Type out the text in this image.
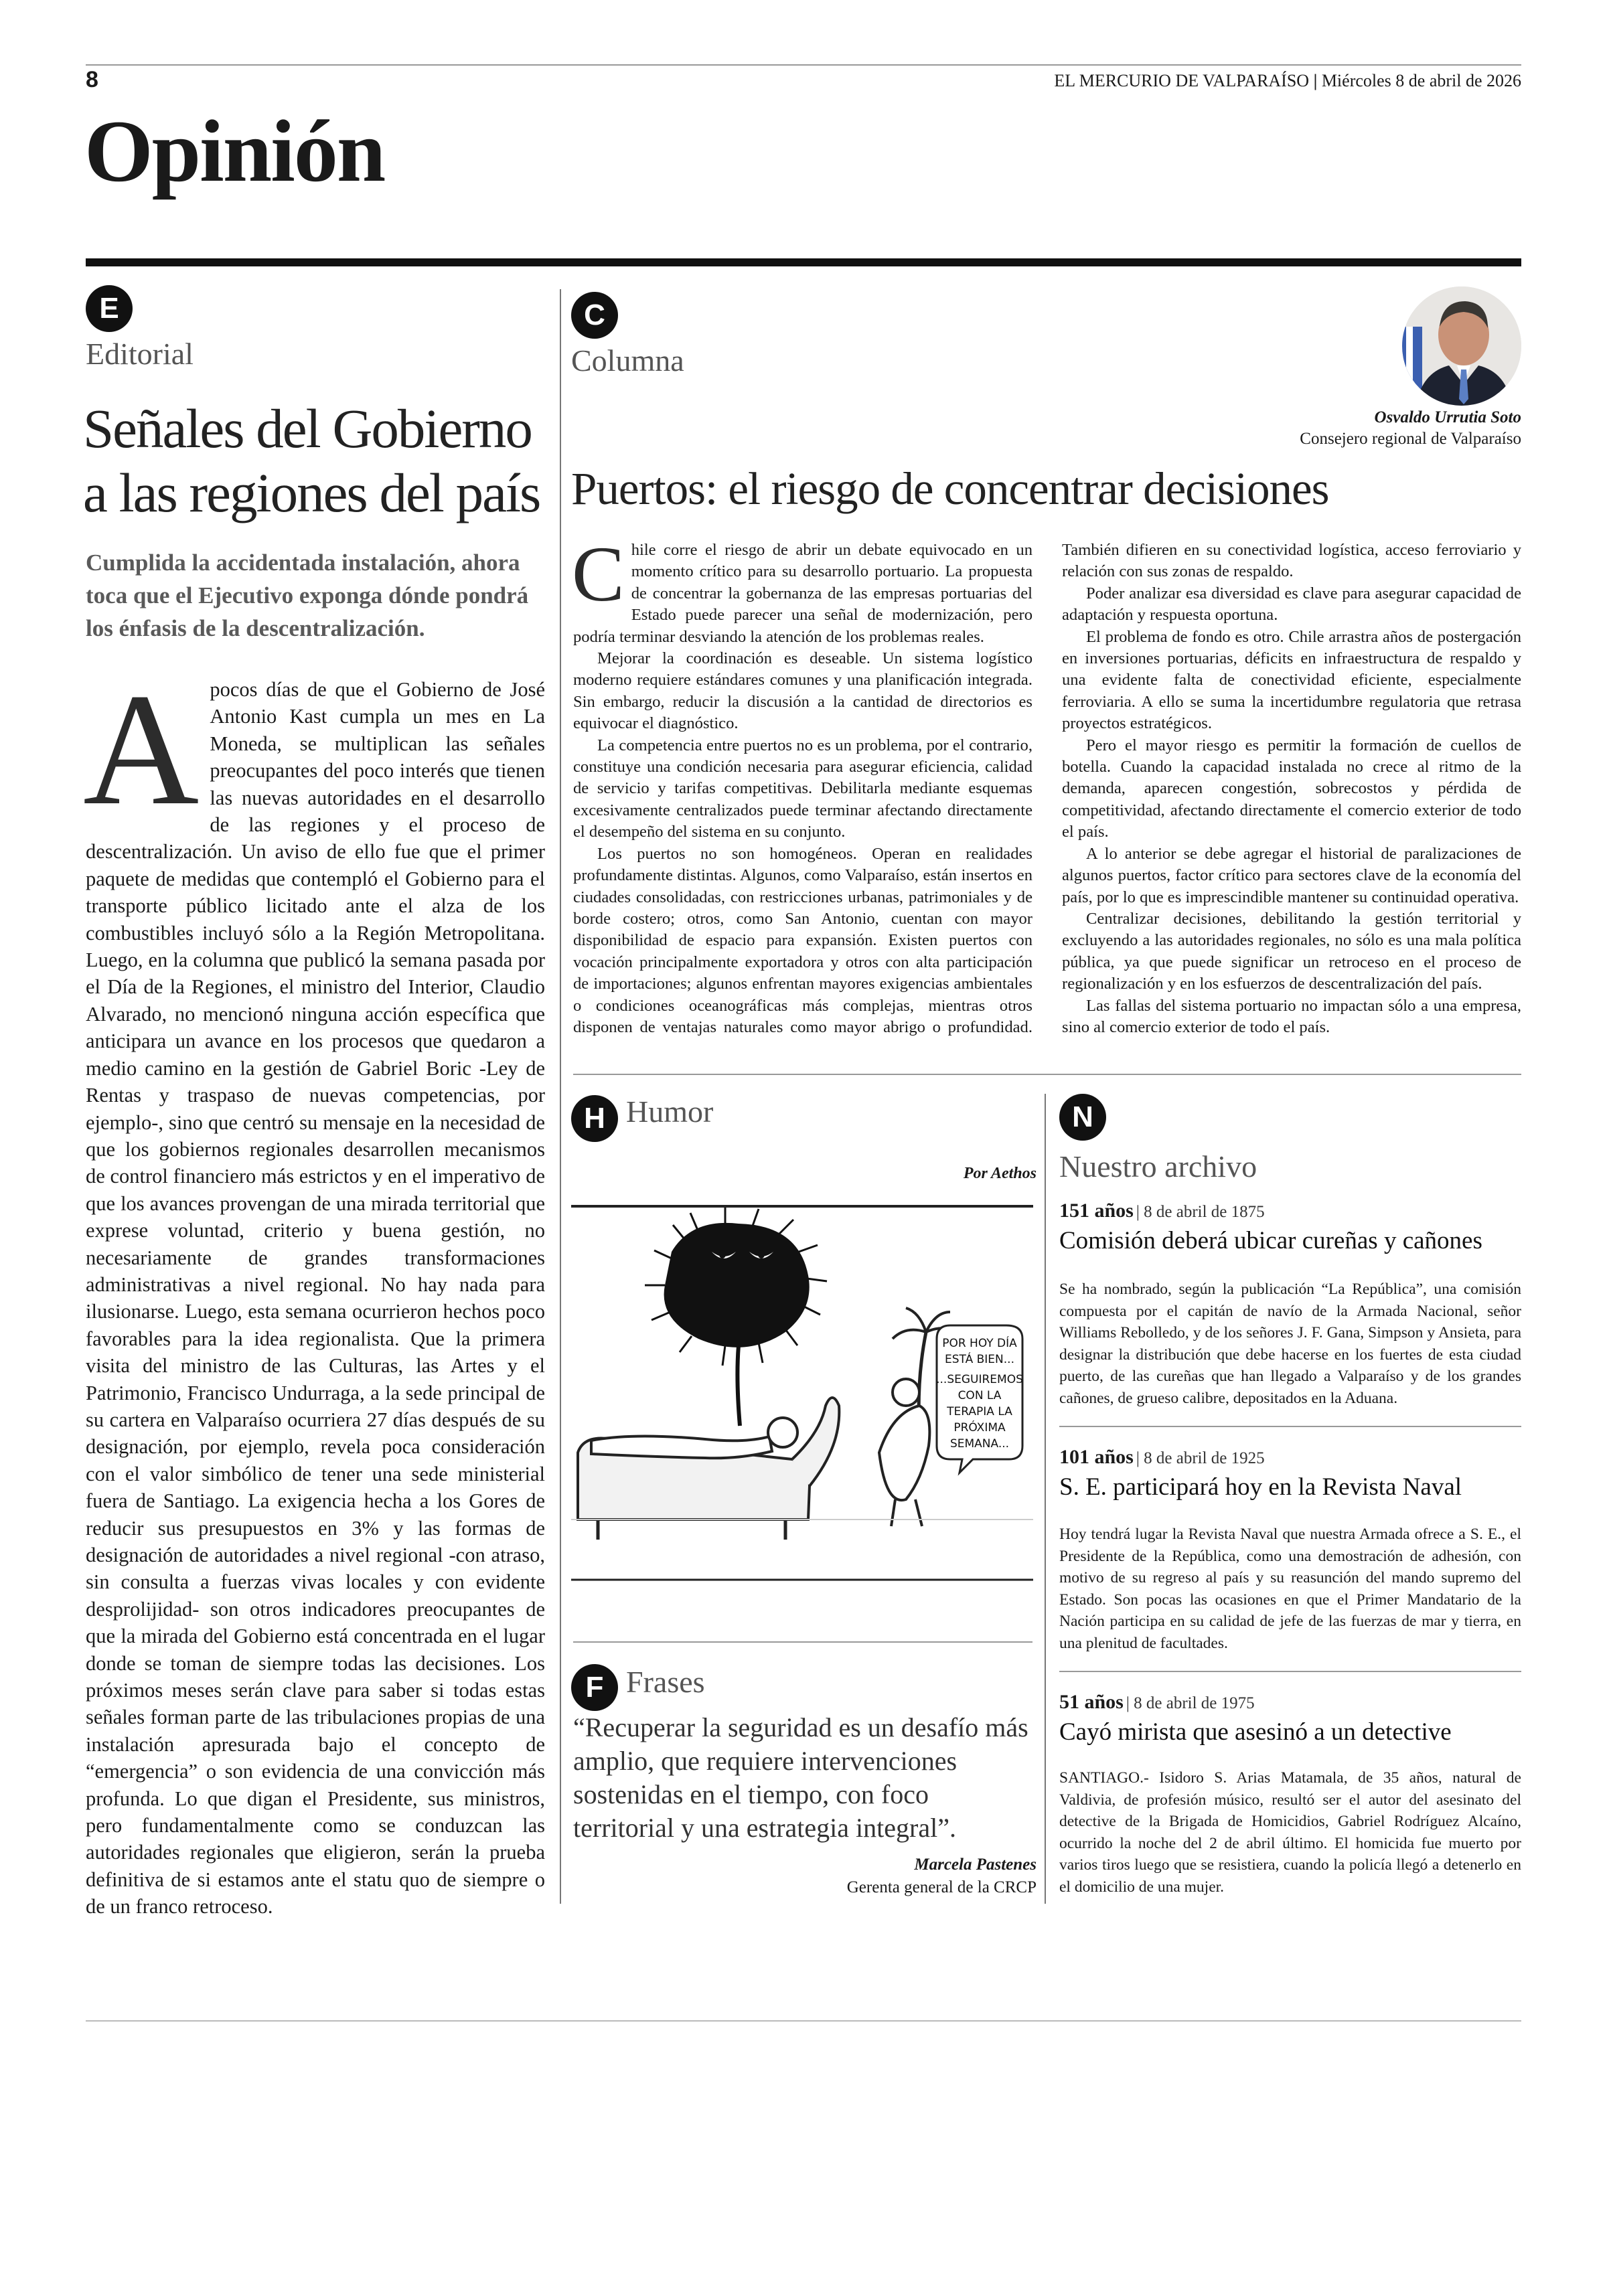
8	EL MERCURIO DE VALPARAÍSO | Miércoles 8 de abril de 2026
Opinión
E
Editorial
Señales del Gobierno
a las regiones del país
Cumplida la accidentada instalación, ahora toca que el Ejecutivo exponga dónde pondrá los énfasis de la descentralización.
A pocos días de que el Gobierno de José Antonio Kast cumpla un mes en La Moneda, se multiplican las señales preocupantes del poco interés que tienen las nuevas autoridades en el desarrollo de las regiones y el proceso de descentralización. Un aviso de ello fue que el primer paquete de medidas que contempló el Gobierno para el transporte público licitado ante el alza de los combustibles incluyó sólo a la Región Metropolitana. Luego, en la columna que publicó la semana pasada por el Día de la Regiones, el ministro del Interior, Claudio Alvarado, no mencionó ninguna acción específica que anticipara un avance en los procesos que quedaron a medio camino en la gestión de Gabriel Boric -Ley de Rentas y traspaso de nuevas competencias, por ejemplo-, sino que centró su mensaje en la necesidad de que los gobiernos regionales desarrollen mecanismos de control financiero más estrictos y en el imperativo de que los avances provengan de una mirada territorial que exprese voluntad, criterio y buena gestión, no necesariamente de grandes transformaciones administrativas a nivel regional. No hay nada para ilusionarse. Luego, esta semana ocurrieron hechos poco favorables para la idea regionalista. Que la primera visita del ministro de las Culturas, las Artes y el Patrimonio, Francisco Undurraga, a la sede principal de su cartera en Valparaíso ocurriera 27 días después de su designación, por ejemplo, revela poca consideración con el valor simbólico de tener una sede ministerial fuera de Santiago. La exigencia hecha a los Gores de reducir sus presupuestos en 3% y las formas de designación de autoridades a nivel regional -con atraso, sin consulta a fuerzas vivas locales y con evidente desprolijidad- son otros indicadores preocupantes de que la mirada del Gobierno está concentrada en el lugar donde se toman de siempre todas las decisiones. Los próximos meses serán clave para saber si todas estas señales forman parte de las tribulaciones propias de una instalación apresurada bajo el concepto de “emergencia” o son evidencia de una convicción más profunda. Lo que digan el Presidente, sus ministros, pero fundamentalmente como se conduzcan las autoridades regionales que eligieron, serán la prueba definitiva de si estamos ante el statu quo de siempre o de un franco retroceso.
C
Columna
Osvaldo Urrutia Soto
Consejero regional de Valparaíso
Puertos: el riesgo de concentrar decisiones

Chile corre el riesgo de abrir un debate equivocado en un momento crítico para su desarrollo portuario. La propuesta de concentrar la gobernanza de las empresas portuarias del Estado puede parecer una señal de modernización, pero podría terminar desviando la atención de los problemas reales.

Mejorar la coordinación es deseable. Un sistema logístico moderno requiere estándares comunes y una planificación integrada. Sin embargo, reducir la discusión a la cantidad de directorios es equivocar el diagnóstico.

La competencia entre puertos no es un problema, por el contrario, constituye una condición necesaria para asegurar eficiencia, calidad de servicio y tarifas competitivas. Debilitarla mediante esquemas excesivamente centralizados puede terminar afectando directamente el desempeño del sistema en su conjunto.

Los puertos no son homogéneos. Operan en realidades profundamente distintas. Algunos, como Valparaíso, están insertos en ciudades consolidadas, con restricciones urbanas, patrimoniales y de borde costero; otros, como San Antonio, cuentan con mayor disponibilidad de espacio para expansión. Existen puertos con vocación principalmente exportadora y otros con alta participación de importaciones; algunos enfrentan mayores exigencias ambientales o condiciones oceanográficas más complejas, mientras otros disponen de ventajas naturales como mayor abrigo o profundidad. También difieren en su conectividad logística, acceso ferroviario y relación con sus zonas de respaldo.

Poder analizar esa diversidad es clave para asegurar capacidad de adaptación y respuesta oportuna.

El problema de fondo es otro. Chile arrastra años de postergación en inversiones portuarias, déficits en infraestructura de respaldo y una evidente falta de conectividad eficiente, especialmente ferroviaria. A ello se suma la incertidumbre regulatoria que retrasa proyectos estratégicos.

Pero el mayor riesgo es permitir la formación de cuellos de botella. Cuando la capacidad instalada no crece al ritmo de la demanda, aparecen congestión, sobrecostos y pérdida de competitividad, afectando directamente el comercio exterior de todo el país.

A lo anterior se debe agregar el historial de paralizaciones de algunos puertos, factor crítico para sectores clave de la economía del país, por lo que es imprescindible mantener su continuidad operativa.

Centralizar decisiones, debilitando la gestión territorial y excluyendo a las autoridades regionales, no sólo es una mala política pública, ya que puede significar un retroceso en el proceso de regionalización y en los esfuerzos de descentralización del país.

Las fallas del sistema portuario no impactan sólo a una empresa, sino al comercio exterior de todo el país.

H Humor
Por Aethos
POR HOY DÍA
ESTÁ BIEN...
...SEGUIREMOS
CON LA
TERAPIA LA
PRÓXIMA
SEMANA...
F Frases
“Recuperar la seguridad es un desafío más amplio, que requiere intervenciones sostenidas en el tiempo, con foco territorial y una estrategia integral”.
Marcela Pastenes
Gerenta general de la CRCP
N
Nuestro archivo
151 años | 8 de abril de 1875
Comisión deberá ubicar cureñas y cañones
Se ha nombrado, según la publicación “La República”, una comisión compuesta por el capitán de navío de la Armada Nacional, señor Williams Rebolledo, y de los señores J. F. Gana, Simpson y Ansieta, para designar la distribución que debe hacerse en los fuertes de esta ciudad puerto, de las cureñas que han llegado a Valparaíso y de los grandes cañones, de grueso calibre, depositados en la Aduana.
101 años | 8 de abril de 1925
S. E. participará hoy en la Revista Naval
Hoy tendrá lugar la Revista Naval que nuestra Armada ofrece a S. E., el Presidente de la República, como una demostración de adhesión, con motivo de su regreso al país y su reasunción del mando supremo del Estado. Son pocas las ocasiones en que el Primer Mandatario de la Nación participa en su calidad de jefe de las fuerzas de mar y tierra, en una plenitud de facultades.
51 años | 8 de abril de 1975
Cayó mirista que asesinó a un detective
SANTIAGO.- Isidoro S. Arias Matamala, de 35 años, natural de Valdivia, de profesión músico, resultó ser el autor del asesinato del detective de la Brigada de Homicidios, Gabriel Rodríguez Alcaíno, ocurrido la noche del 2 de abril último. El homicida fue muerto por varios tiros luego que se resistiera, cuando la policía llegó a detenerlo en el domicilio de una mujer.
